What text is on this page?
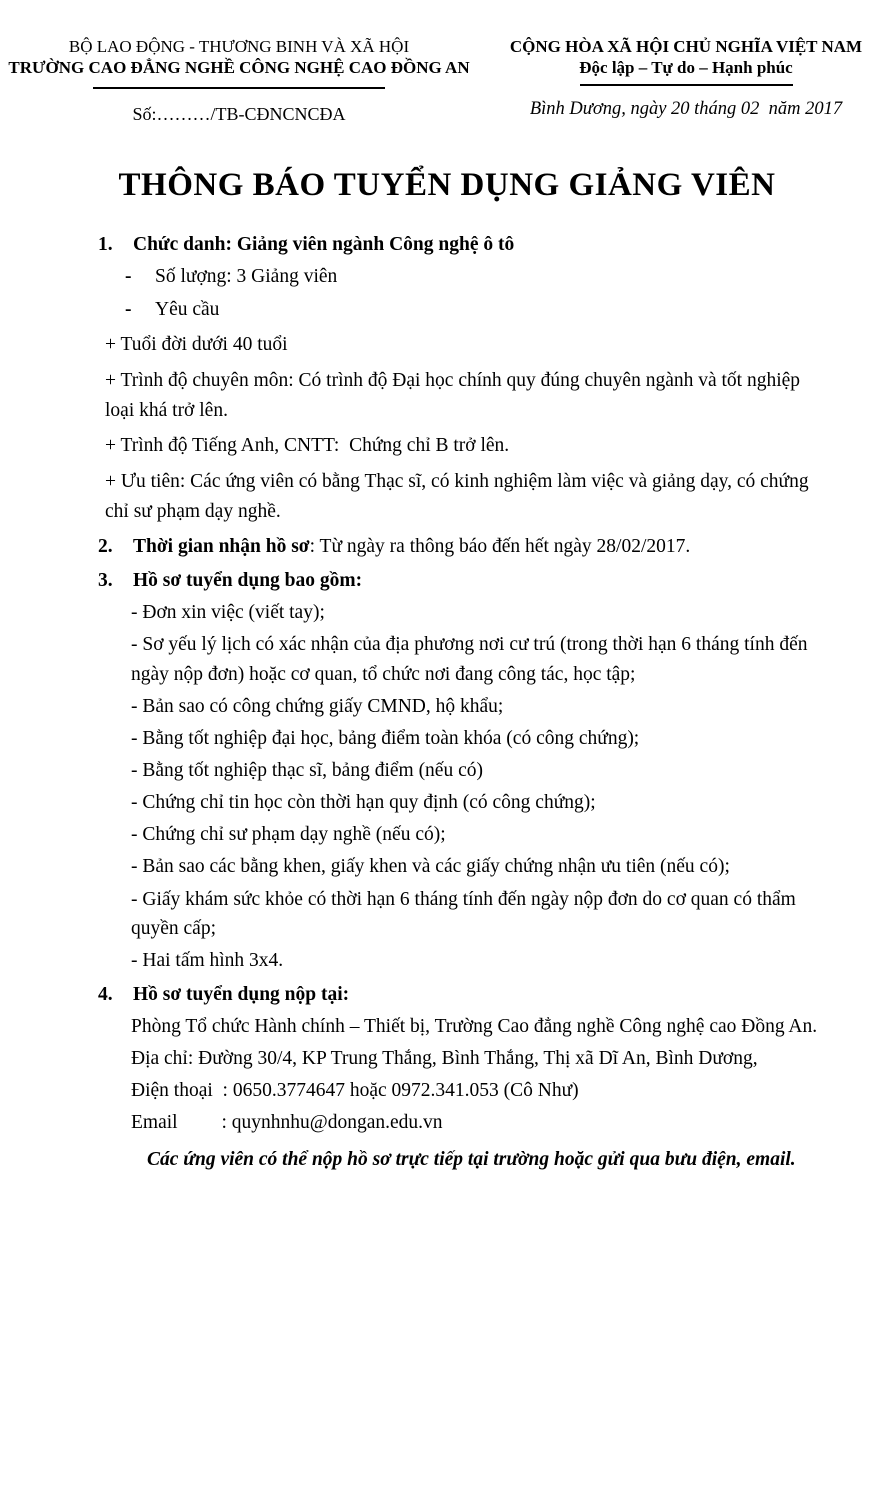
BỘ LAO ĐỘNG - THƯƠNG BINH VÀ XÃ HỘI
TRƯỜNG CAO ĐẲNG NGHỀ CÔNG NGHỆ CAO ĐỒNG AN
Số:………/TB-CĐNCNCĐA
CỘNG HÒA XÃ HỘI CHỦ NGHĨA VIỆT NAM
Độc lập – Tự do – Hạnh phúc
Bình Dương, ngày 20 tháng 02  năm 2017
THÔNG BÁO TUYỂN DỤNG GIẢNG VIÊN
1.	Chức danh: Giảng viên ngành Công nghệ ô tô
-	Số lượng: 3 Giảng viên
-	Yêu cầu
+ Tuổi đời dưới 40 tuổi
+ Trình độ chuyên môn: Có trình độ Đại học chính quy đúng chuyên ngành và tốt nghiệp loại khá trở lên.
+ Trình độ Tiếng Anh, CNTT:  Chứng chỉ B trở lên.
+ Ưu tiên: Các ứng viên có bằng Thạc sĩ, có kinh nghiệm làm việc và giảng dạy, có chứng chỉ sư phạm dạy nghề.
2.	Thời gian nhận hồ sơ: Từ ngày ra thông báo đến hết ngày 28/02/2017.
3.	Hồ sơ tuyển dụng bao gồm:
- Đơn xin việc (viết tay);
- Sơ yếu lý lịch có xác nhận của địa phương nơi cư trú (trong thời hạn 6 tháng tính đến ngày nộp đơn) hoặc cơ quan, tổ chức nơi đang công tác, học tập;
- Bản sao có công chứng giấy CMND, hộ khẩu;
- Bằng tốt nghiệp đại học, bảng điểm toàn khóa (có công chứng);
- Bằng tốt nghiệp thạc sĩ, bảng điểm (nếu có)
- Chứng chỉ tin học còn thời hạn quy định (có công chứng);
- Chứng chỉ sư phạm dạy nghề (nếu có);
- Bản sao các bằng khen, giấy khen và các giấy chứng nhận ưu tiên (nếu có);
- Giấy khám sức khỏe có thời hạn 6 tháng tính đến ngày nộp đơn do cơ quan có thẩm quyền cấp;
- Hai tấm hình 3x4.
4.	Hồ sơ tuyển dụng nộp tại:
Phòng Tổ chức Hành chính – Thiết bị, Trường Cao đẳng nghề Công nghệ cao Đồng An.
Địa chỉ: Đường 30/4, KP Trung Thắng, Bình Thắng, Thị xã Dĩ An, Bình Dương,
Điện thoại  : 0650.3774647 hoặc 0972.341.053 (Cô Như)
Email         : quynhnhu@dongan.edu.vn
Các ứng viên có thể nộp hồ sơ trực tiếp tại trường hoặc gửi qua bưu điện, email.
